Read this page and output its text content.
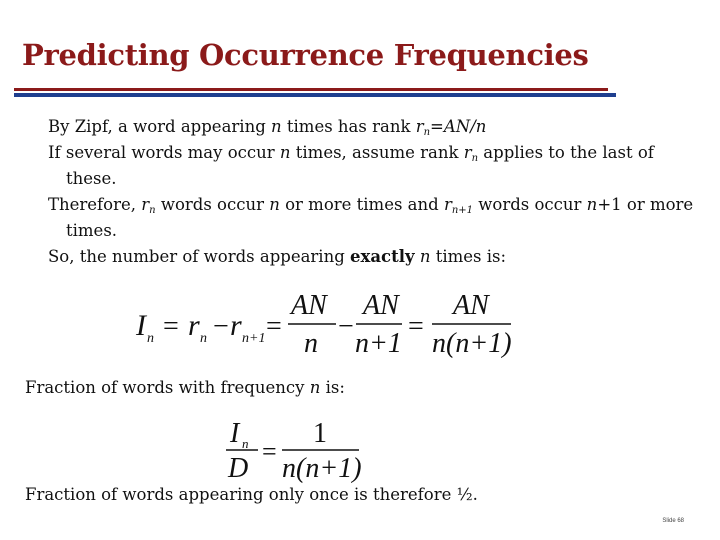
Predicting Occurrence Frequencies

By Zipf, a word appearing n times has rank $r_n=AN/n$

If several words may occur n times, assume rank $r_n$ applies to the last of these.

Therefore, $r_n$ words occur n or more times and $r_{n+1}$ words occur n+1 or more times.

So, the number of words appearing exactly n times is:

I n = r n − r n+1 =
AN
n
−
AN
n+1
=
AN
n(n+1)

Fraction of words with frequency n is:

I n
D
=
1
n(n+1)

Fraction of words appearing only once is therefore ½.

Slide 68
